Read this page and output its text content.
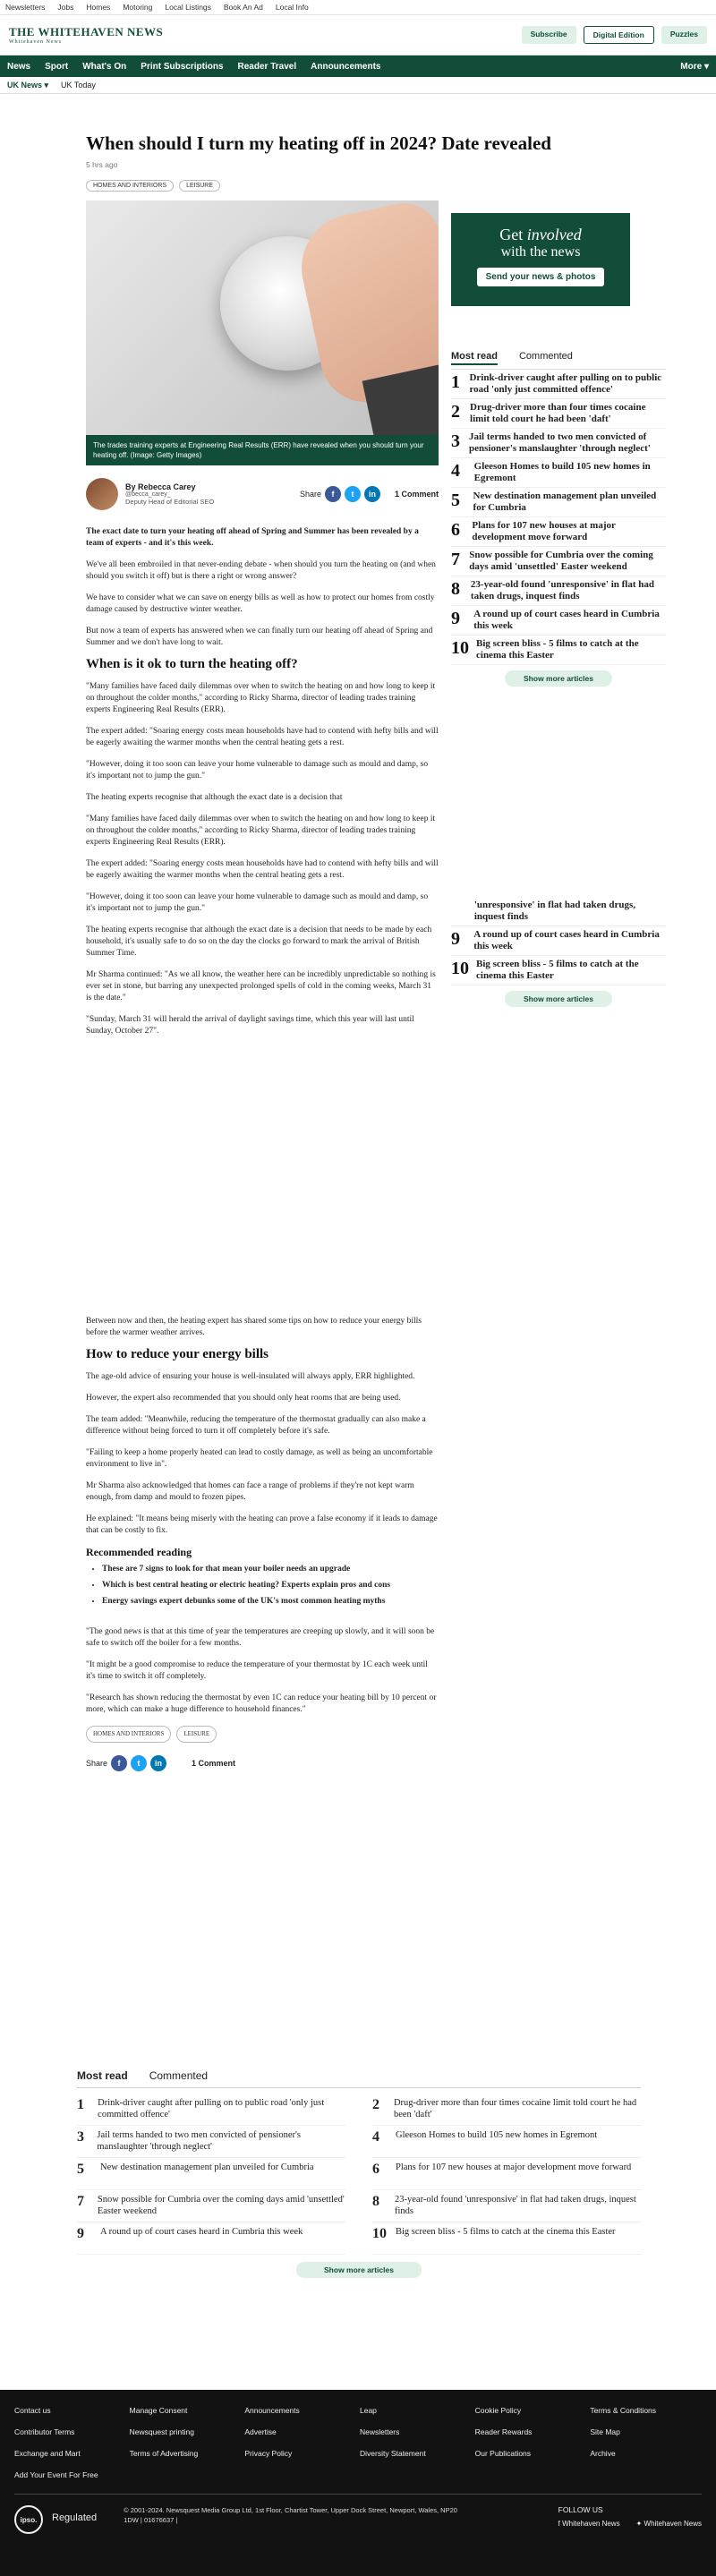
Newsletters Jobs Homes Motoring Local Listings Book An Ad Local Info
THE WHITEHAVEN NEWS
Whitehaven News
Subscribe	Digital Edition	Puzzles
News Sport What's On Print Subscriptions Reader Travel Announcements	More ▾
UK News ▾ UK Today
When should I turn my heating off in 2024? Date revealed
5 hrs ago
HOMES AND INTERIORS	LEISURE
The trades training experts at Engineering Real Results (ERR) have revealed when you should turn your heating off. (Image: Getty Images)
By Rebecca Carey
@becca_carey_
Deputy Head of Editorial SEO
Share	f	t	in	1 Comment

The exact date to turn your heating off ahead of Spring and Summer has been revealed by a team of experts - and it's this week.

We've all been embroiled in that never-ending debate - when should you turn the heating on (and when should you switch it off) but is there a right or wrong answer?

We have to consider what we can save on energy bills as well as how to protect our homes from costly damage caused by destructive winter weather.

But now a team of experts has answered when we can finally turn our heating off ahead of Spring and Summer and we don't have long to wait.

When is it ok to turn the heating off?

"Many families have faced daily dilemmas over when to switch the heating on and how long to keep it on throughout the colder months," according to Ricky Sharma, director of leading trades training experts Engineering Real Results (ERR).

The expert added: "Soaring energy costs mean households have had to contend with hefty bills and will be eagerly awaiting the warmer months when the central heating gets a rest.

"However, doing it too soon can leave your home vulnerable to damage such as mould and damp, so it's important not to jump the gun."

The heating experts recognise that although the exact date is a decision that

"Many families have faced daily dilemmas over when to switch the heating on and how long to keep it on throughout the colder months," according to Ricky Sharma, director of leading trades training experts Engineering Real Results (ERR).

The expert added: "Soaring energy costs mean households have had to contend with hefty bills and will be eagerly awaiting the warmer months when the central heating gets a rest.

"However, doing it too soon can leave your home vulnerable to damage such as mould and damp, so it's important not to jump the gun."

The heating experts recognise that although the exact date is a decision that needs to be made by each household, it's usually safe to do so on the day the clocks go forward to mark the arrival of British Summer Time.

Mr Sharma continued: "As we all know, the weather here can be incredibly unpredictable so nothing is ever set in stone, but barring any unexpected prolonged spells of cold in the coming weeks, March 31 is the date."

"Sunday, March 31 will herald the arrival of daylight savings time, which this year will last until Sunday, October 27".

Between now and then, the heating expert has shared some tips on how to reduce your energy bills before the warmer weather arrives.

How to reduce your energy bills

The age-old advice of ensuring your house is well-insulated will always apply, ERR highlighted.

However, the expert also recommended that you should only heat rooms that are being used.

The team added: "Meanwhile, reducing the temperature of the thermostat gradually can also make a difference without being forced to turn it off completely before it's safe.

"Failing to keep a home properly heated can lead to costly damage, as well as being an uncomfortable environment to live in".

Mr Sharma also acknowledged that homes can face a range of problems if they're not kept warm enough, from damp and mould to frozen pipes.

He explained: "It means being miserly with the heating can prove a false economy if it leads to damage that can be costly to fix.

Recommended reading
• These are 7 signs to look for that mean your boiler needs an upgrade
• Which is best central heating or electric heating? Experts explain pros and cons
• Energy savings expert debunks some of the UK's most common heating myths

"The good news is that at this time of year the temperatures are creeping up slowly, and it will soon be safe to switch off the boiler for a few months.

"It might be a good compromise to reduce the temperature of your thermostat by 1C each week until it's time to switch it off completely.

"Research has shown reducing the thermostat by even 1C can reduce your heating bill by 10 percent or more, which can make a huge difference to household finances."

HOMES AND INTERIORS	LEISURE
Share	f	t	in	1 Comment
Get involved
with the news
Send your news & photos
Most read Commented
1 Drink-driver caught after pulling on to public road 'only just committed offence'
2 Drug-driver more than four times cocaine limit told court he had been 'daft'
3 Jail terms handed to two men convicted of pensioner's manslaughter 'through neglect'
4	Gleeson Homes to build 105 new homes in Egremont
5	New destination management plan unveiled for Cumbria
6	Plans for 107 new houses at major development move forward
7 Snow possible for Cumbria over the coming days amid 'unsettled' Easter weekend
8 23-year-old found 'unresponsive' in flat had taken drugs, inquest finds
9	A round up of court cases heard in Cumbria this week
10 Big screen bliss - 5 films to catch at the cinema this Easter
Show more articles
'unresponsive' in flat had taken drugs, inquest finds
9	A round up of court cases heard in Cumbria this week
10 Big screen bliss - 5 films to catch at the cinema this Easter
Show more articles
Most read Commented
1	Drink-driver caught after pulling on to public road 'only just committed offence'
2	Drug-driver more than four times cocaine limit told court he had been 'daft'
3	Jail terms handed to two men convicted of pensioner's manslaughter 'through neglect'
4	Gleeson Homes to build 105 new homes in Egremont
5	New destination management plan unveiled for Cumbria	6	Plans for 107 new houses at major development move forward
7	Snow possible for Cumbria over the coming days amid 'unsettled' Easter weekend
8	23-year-old found 'unresponsive' in flat had taken drugs, inquest finds
9	A round up of court cases heard in Cumbria this week	10 Big screen bliss - 5 films to catch at the cinema this Easter
Show more articles
Contact us	Manage Consent	Announcements	Leap	Cookie Policy	Terms & Conditions
Contributor Terms	Newsquest printing	Advertise	Newsletters	Reader Rewards	Site Map
Exchange and Mart	Terms of Advertising	Privacy Policy	Diversity Statement	Our Publications	Archive
Add Your Event For Free
ipso.	Regulated
© 2001-2024. Newsquest Media Group Ltd, 1st Floor, Chartist Tower, Upper Dock Street, Newport, Wales, NP20 1DW | 01676637 |
FOLLOW US
f Whitehaven News ✦ Whitehaven News
